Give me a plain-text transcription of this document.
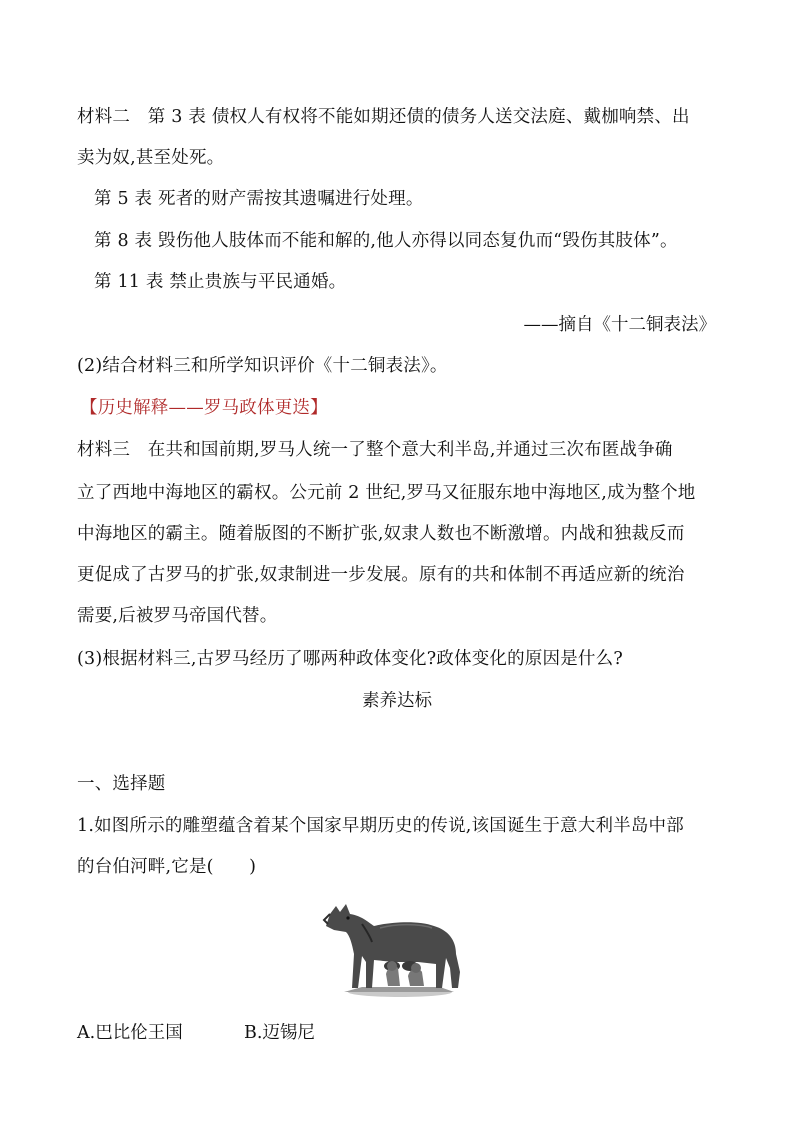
材料二　第 3 表 债权人有权将不能如期还债的债务人送交法庭、戴枷响禁、出
卖为奴,甚至处死。
第 5 表 死者的财产需按其遗嘱进行处理。
第 8 表 毁伤他人肢体而不能和解的,他人亦得以同态复仇而“毁伤其肢体”。
第 11 表 禁止贵族与平民通婚。
——摘自《十二铜表法》
(2)结合材料三和所学知识评价《十二铜表法》。
【历史解释——罗马政体更迭】
材料三　在共和国前期,罗马人统一了整个意大利半岛,并通过三次布匿战争确
立了西地中海地区的霸权。公元前 2 世纪,罗马又征服东地中海地区,成为整个地
中海地区的霸主。随着版图的不断扩张,奴隶人数也不断激增。内战和独裁反而
更促成了古罗马的扩张,奴隶制进一步发展。原有的共和体制不再适应新的统治
需要,后被罗马帝国代替。
(3)根据材料三,古罗马经历了哪两种政体变化?政体变化的原因是什么?
素养达标
一、选择题
1.如图所示的雕塑蕴含着某个国家早期历史的传说,该国诞生于意大利半岛中部
的台伯河畔,它是(　　)
A.巴比伦王国	B.迈锡尼
